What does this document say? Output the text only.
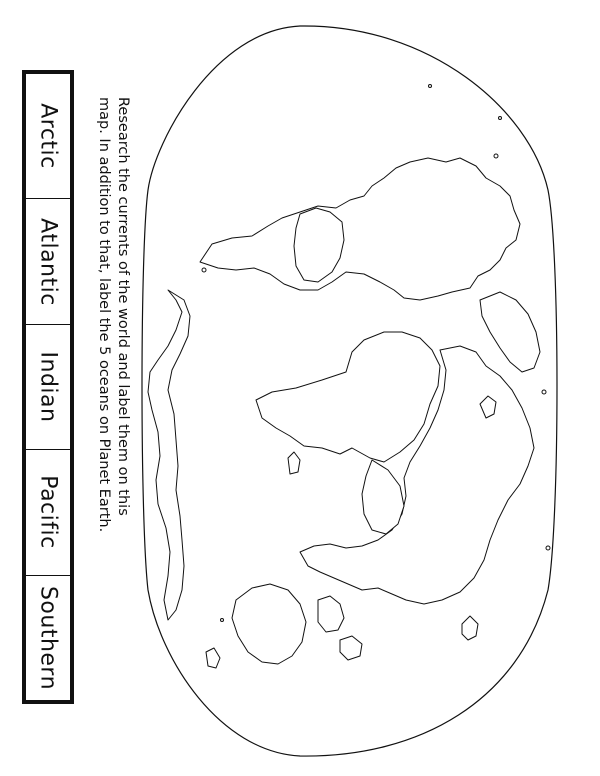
Research the currents of the world and label them on this map. In addition to that, label the 5 oceans on Planet Earth.
Arctic
Atlantic
Indian
Pacific
Southern
